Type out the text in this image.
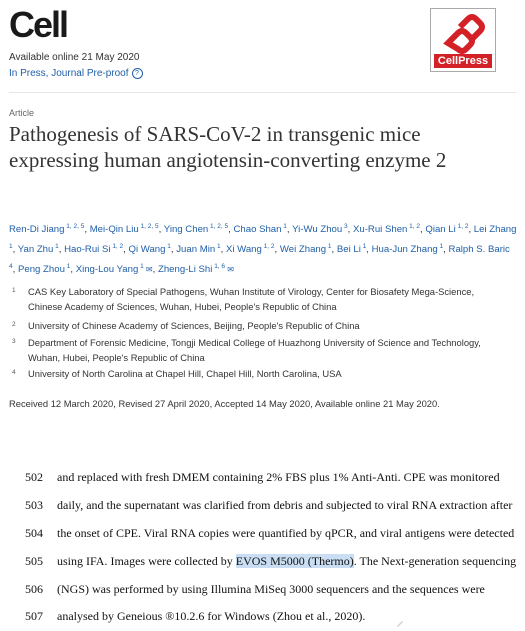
Cell
Available online 21 May 2020
In Press, Journal Pre-proof ?
CellPress
Article
Pathogenesis of SARS-CoV-2 in transgenic mice expressing human angiotensin-converting enzyme 2
Ren-Di Jiang $^{1, 2, 5}$, Mei-Qin Liu $^{1, 2, 5}$, Ying Chen $^{1, 2, 5}$, Chao Shan $^1$, Yi-Wu Zhou $^3$, Xu-Rui Shen $^{1, 2}$, Qian Li $^{1, 2}$, Lei Zhang $^1$, Yan Zhu $^1$, Hao-Rui Si $^{1, 2}$, Qi Wang $^1$, Juan Min $^1$, Xi Wang $^{1, 2}$, Wei Zhang $^1$, Bei Li $^1$, Hua-Jun Zhang $^1$, Ralph S. Baric $^4$, Peng Zhou $^1$, Xing-Lou Yang $^1$ ✉, Zheng-Li Shi $^{1, 6}$ ✉
1 CAS Key Laboratory of Special Pathogens, Wuhan Institute of Virology, Center for Biosafety Mega-Science, Chinese Academy of Sciences, Wuhan, Hubei, People's Republic of China
2 University of Chinese Academy of Sciences, Beijing, People's Republic of China
3 Department of Forensic Medicine, Tongji Medical College of Huazhong University of Science and Technology, Wuhan, Hubei, People's Republic of China
4 University of North Carolina at Chapel Hill, Chapel Hill, North Carolina, USA
Received 12 March 2020, Revised 27 April 2020, Accepted 14 May 2020, Available online 21 May 2020.
502 and replaced with fresh DMEM containing 2% FBS plus 1% Anti-Anti. CPE was monitored
503 daily, and the supernatant was clarified from debris and subjected to viral RNA extraction after
504 the onset of CPE. Viral RNA copies were quantified by qPCR, and viral antigens were detected
505 using IFA. Images were collected by EVOS M5000 (Thermo). The Next-generation sequencing
506 (NGS) was performed by using Illumina MiSeq 3000 sequencers and the sequences were
507 analysed by Geneious ®10.2.6 for Windows (Zhou et al., 2020).
